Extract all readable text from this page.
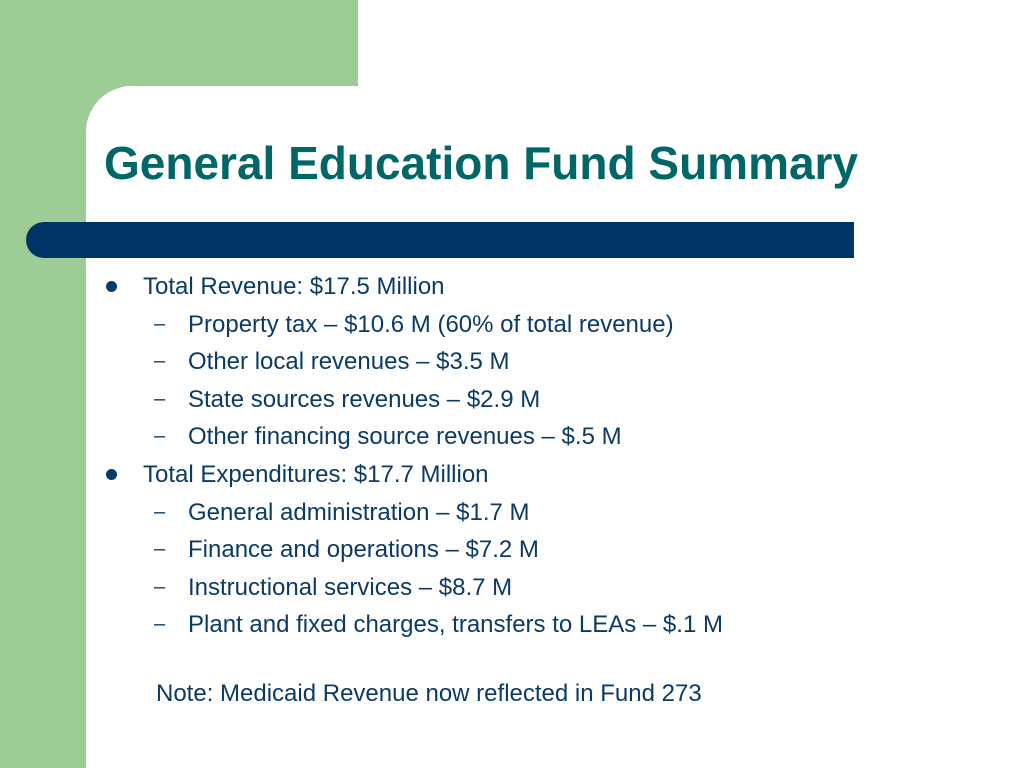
General Education Fund Summary
Total Revenue: $17.5 Million
– Property tax – $10.6 M (60% of total revenue)
– Other local revenues – $3.5 M
– State sources revenues – $2.9 M
– Other financing source revenues – $.5 M
Total Expenditures: $17.7 Million
– General administration – $1.7 M
– Finance and operations – $7.2 M
– Instructional services – $8.7 M
– Plant and fixed charges, transfers to LEAs – $.1 M
Note: Medicaid Revenue now reflected in Fund 273
